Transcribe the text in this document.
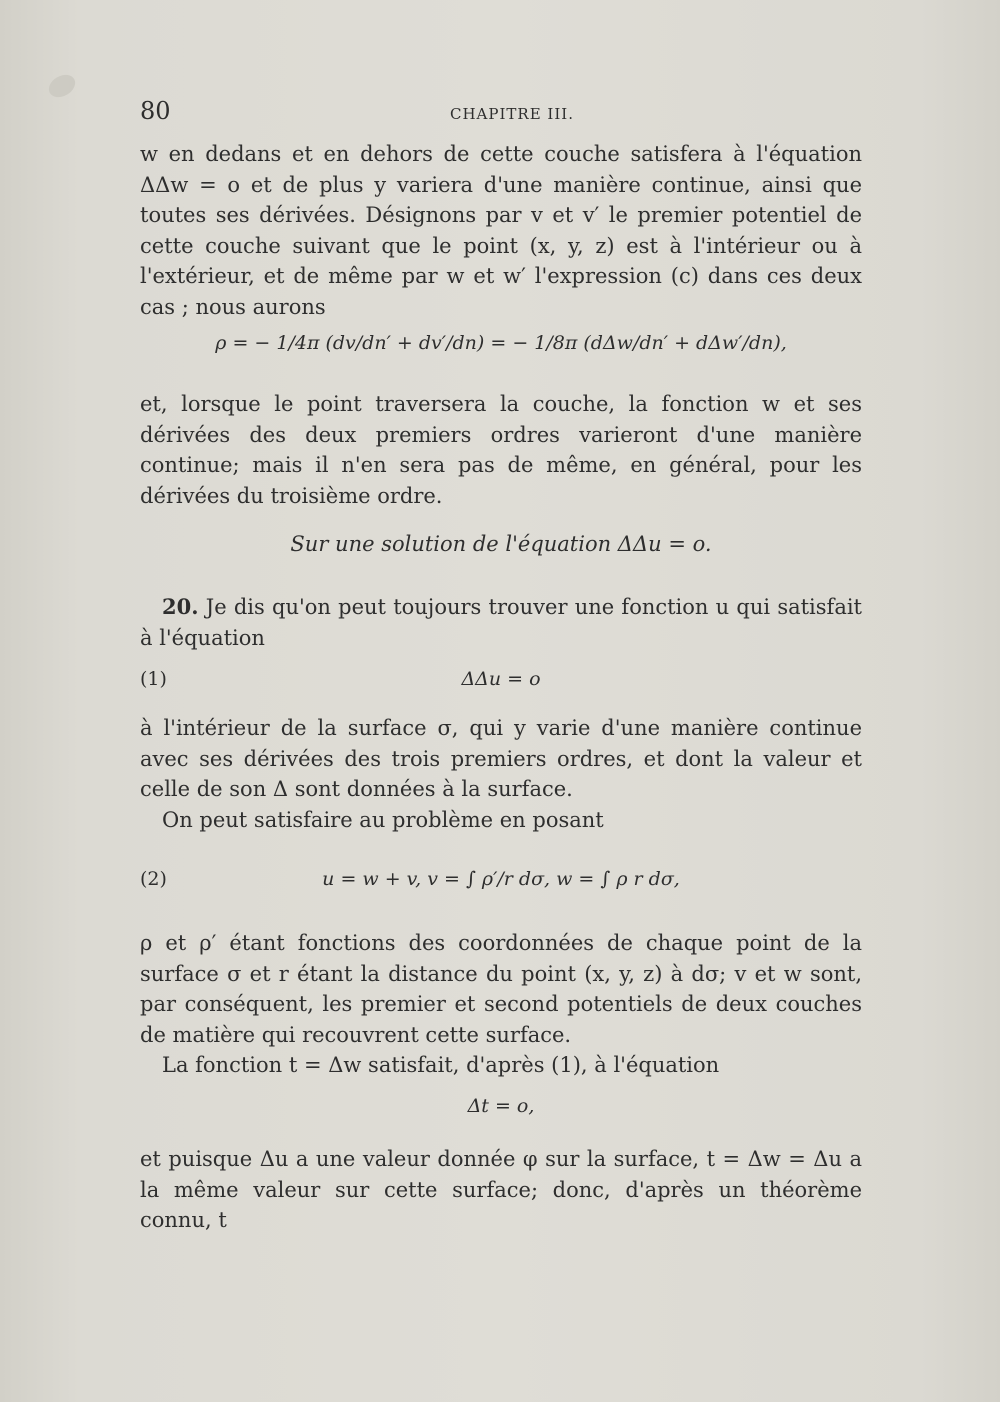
80	CHAPITRE III.

w en dedans et en dehors de cette couche satisfera à l'équation ΔΔw = o et de plus y variera d'une manière continue, ainsi que toutes ses dérivées. Désignons par v et v′ le premier potentiel de cette couche suivant que le point (x, y, z) est à l'intérieur ou à l'extérieur, et de même par w et w′ l'expression (c) dans ces deux cas ; nous aurons

ρ = − 1/4π (dv/dn′ + dv′/dn) = − 1/8π (dΔw/dn′ + dΔw′/dn),

et, lorsque le point traversera la couche, la fonction w et ses dérivées des deux premiers ordres varieront d'une manière continue; mais il n'en sera pas de même, en général, pour les dérivées du troisième ordre.

Sur une solution de l'équation ΔΔu = o.

20. Je dis qu'on peut toujours trouver une fonction u qui satisfait à l'équation

(1)	ΔΔu = o

à l'intérieur de la surface σ, qui y varie d'une manière continue avec ses dérivées des trois premiers ordres, et dont la valeur et celle de son Δ sont données à la surface.

On peut satisfaire au problème en posant

(2)	u = w + v, v = ∫ ρ′/r dσ, w = ∫ ρ r dσ,

ρ et ρ′ étant fonctions des coordonnées de chaque point de la surface σ et r étant la distance du point (x, y, z) à dσ; v et w sont, par conséquent, les premier et second potentiels de deux couches de matière qui recouvrent cette surface.

La fonction t = Δw satisfait, d'après (1), à l'équation

Δt = o,

et puisque Δu a une valeur donnée φ sur la surface, t = Δw = Δu a la même valeur sur cette surface; donc, d'après un théorème connu, t
